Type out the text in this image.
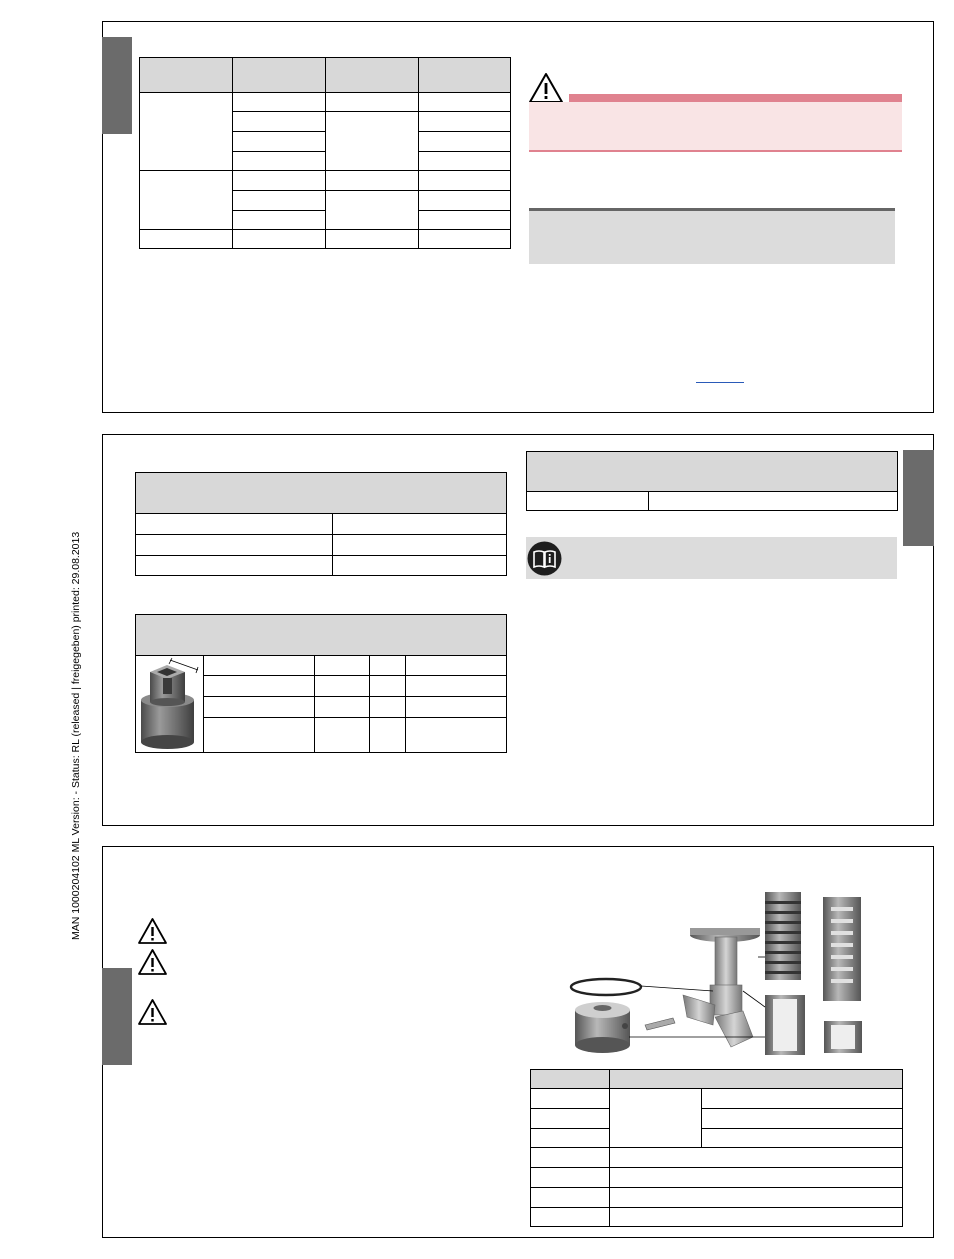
MAN 1000204102 ML Version: - Status: RL (released | freigegeben) printed: 29.08.2013
